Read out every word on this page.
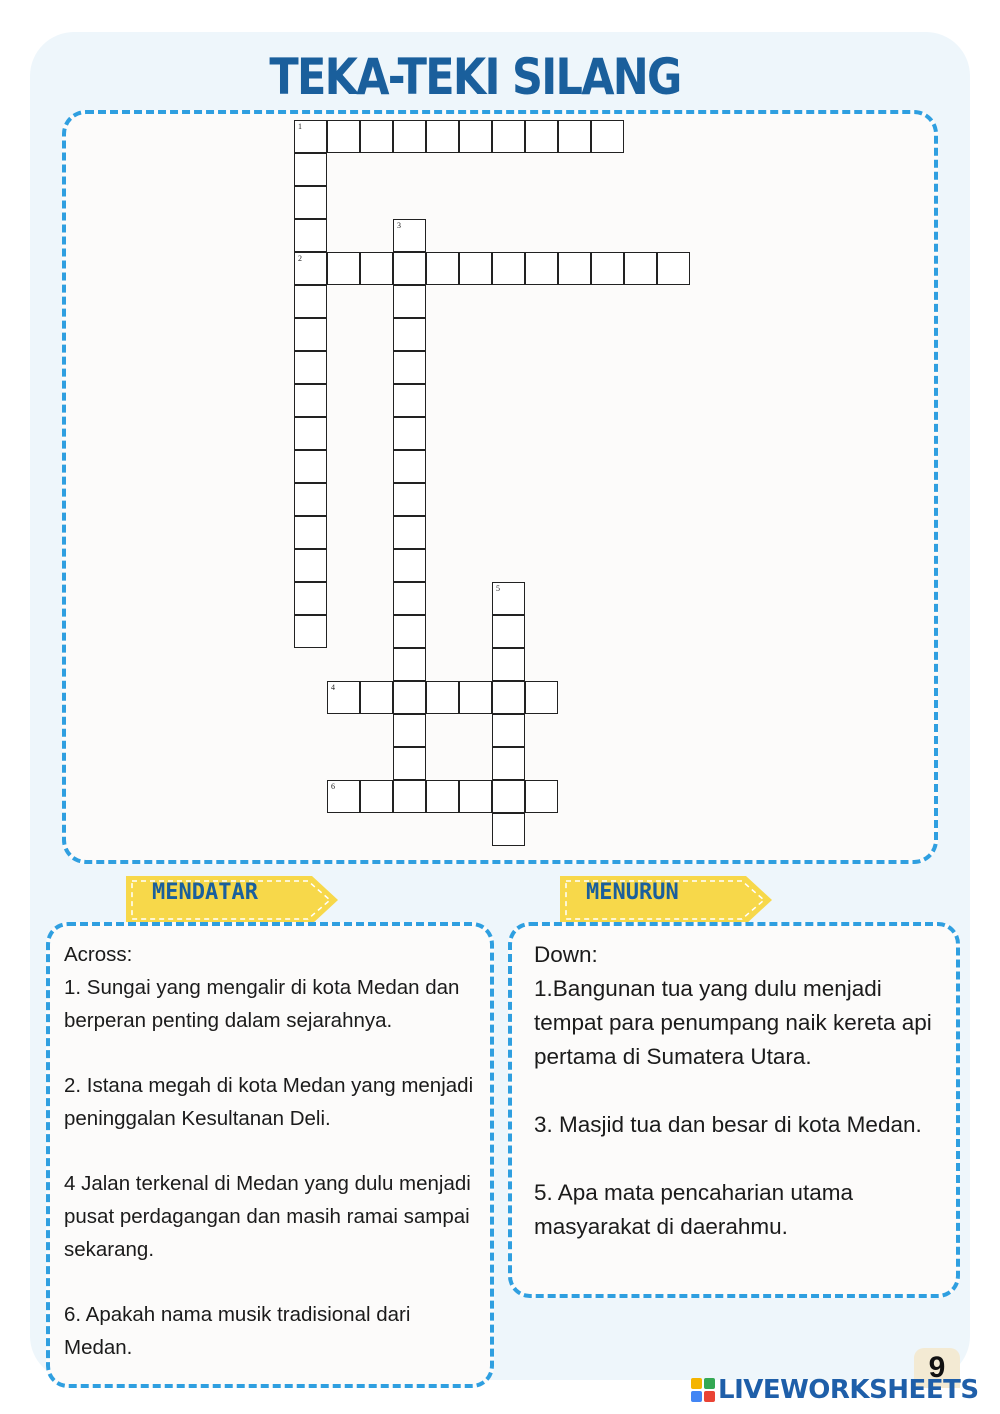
TEKA-TEKI SILANG
1
2
4
6
3
5
MENDATAR	MENURUN
Across:
1. Sungai yang mengalir di kota Medan dan berperan penting dalam sejarahnya.
2. Istana megah di kota Medan yang menjadi peninggalan Kesultanan Deli.
4 Jalan terkenal di Medan yang dulu menjadi pusat perdagangan dan masih ramai sampai sekarang.
6. Apakah nama musik tradisional dari Medan.
Down:
1.Bangunan tua yang dulu menjadi tempat para penumpang naik kereta api pertama di Sumatera Utara.
3. Masjid tua dan besar di kota Medan.
5. Apa mata pencaharian utama masyarakat di daerahmu.
9
LIVEWORKSHEETS
